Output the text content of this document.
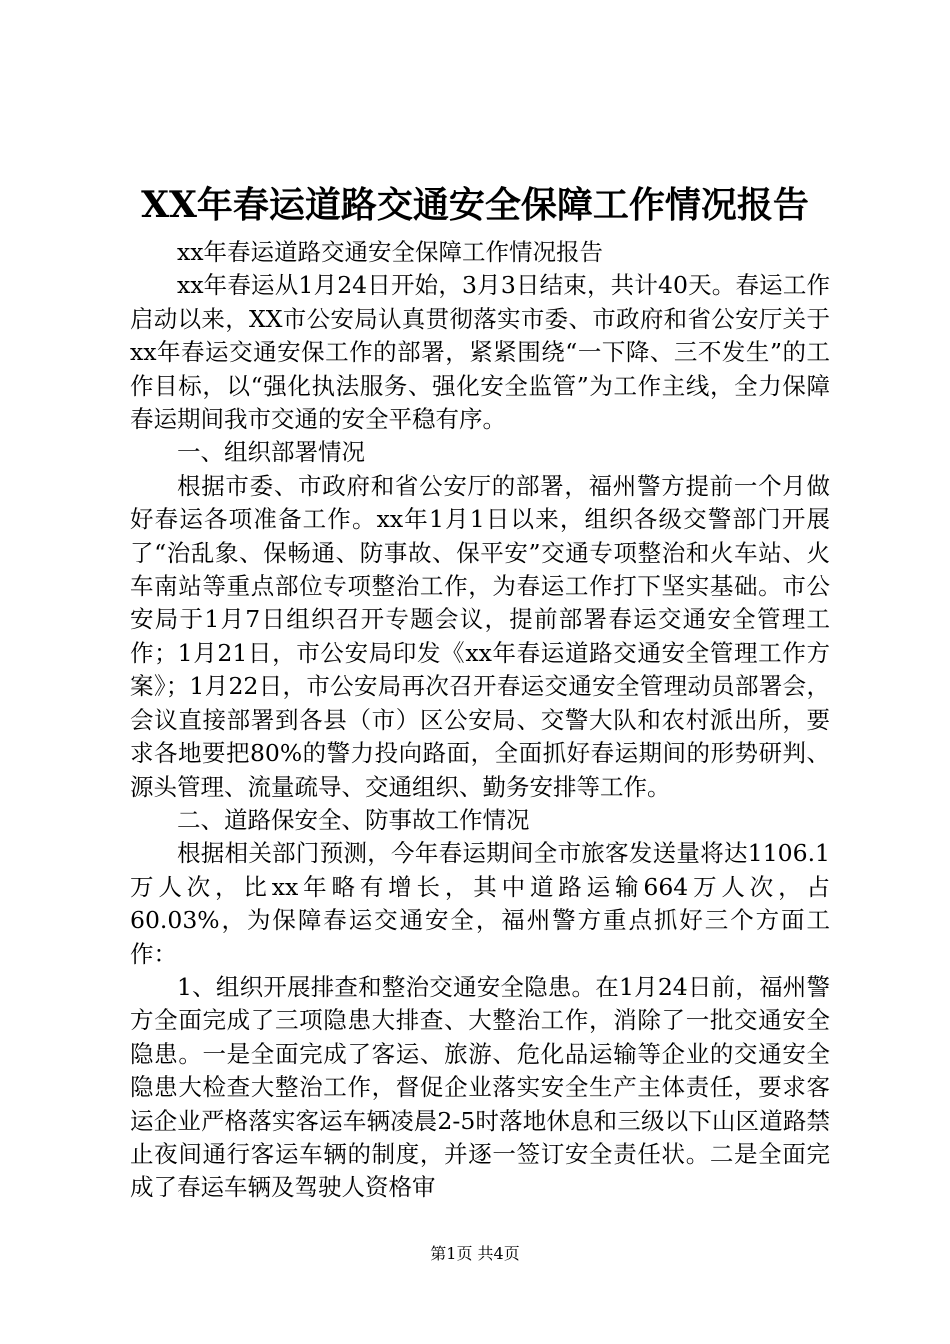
XX年春运道路交通安全保障工作情况报告

xx年春运道路交通安全保障工作情况报告

xx年春运从1月24日开始，3月3日结束，共计40天。春运工作启动以来，XX市公安局认真贯彻落实市委、市政府和省公安厅关于xx年春运交通安保工作的部署，紧紧围绕“一下降、三不发生”的工作目标，以“强化执法服务、强化安全监管”为工作主线，全力保障春运期间我市交通的安全平稳有序。

一、组织部署情况

根据市委、市政府和省公安厅的部署，福州警方提前一个月做好春运各项准备工作。xx年1月1日以来，组织各级交警部门开展了“治乱象、保畅通、防事故、保平安”交通专项整治和火车站、火车南站等重点部位专项整治工作，为春运工作打下坚实基础。市公安局于1月7日组织召开专题会议，提前部署春运交通安全管理工作；1月21日，市公安局印发《xx年春运道路交通安全管理工作方案》；1月22日，市公安局再次召开春运交通安全管理动员部署会，会议直接部署到各县（市）区公安局、交警大队和农村派出所，要求各地要把80%的警力投向路面，全面抓好春运期间的形势研判、源头管理、流量疏导、交通组织、勤务安排等工作。

二、道路保安全、防事故工作情况

根据相关部门预测，今年春运期间全市旅客发送量将达1106.1万人次，比xx年略有增长，其中道路运输664万人次，占60.03%，为保障春运交通安全，福州警方重点抓好三个方面工作：

1、组织开展排查和整治交通安全隐患。在1月24日前，福州警方全面完成了三项隐患大排查、大整治工作，消除了一批交通安全隐患。一是全面完成了客运、旅游、危化品运输等企业的交通安全隐患大检查大整治工作，督促企业落实安全生产主体责任，要求客运企业严格落实客运车辆凌晨2-5时落地休息和三级以下山区道路禁止夜间通行客运车辆的制度，并逐一签订安全责任状。二是全面完成了春运车辆及驾驶人资格审

第1页 共4页
